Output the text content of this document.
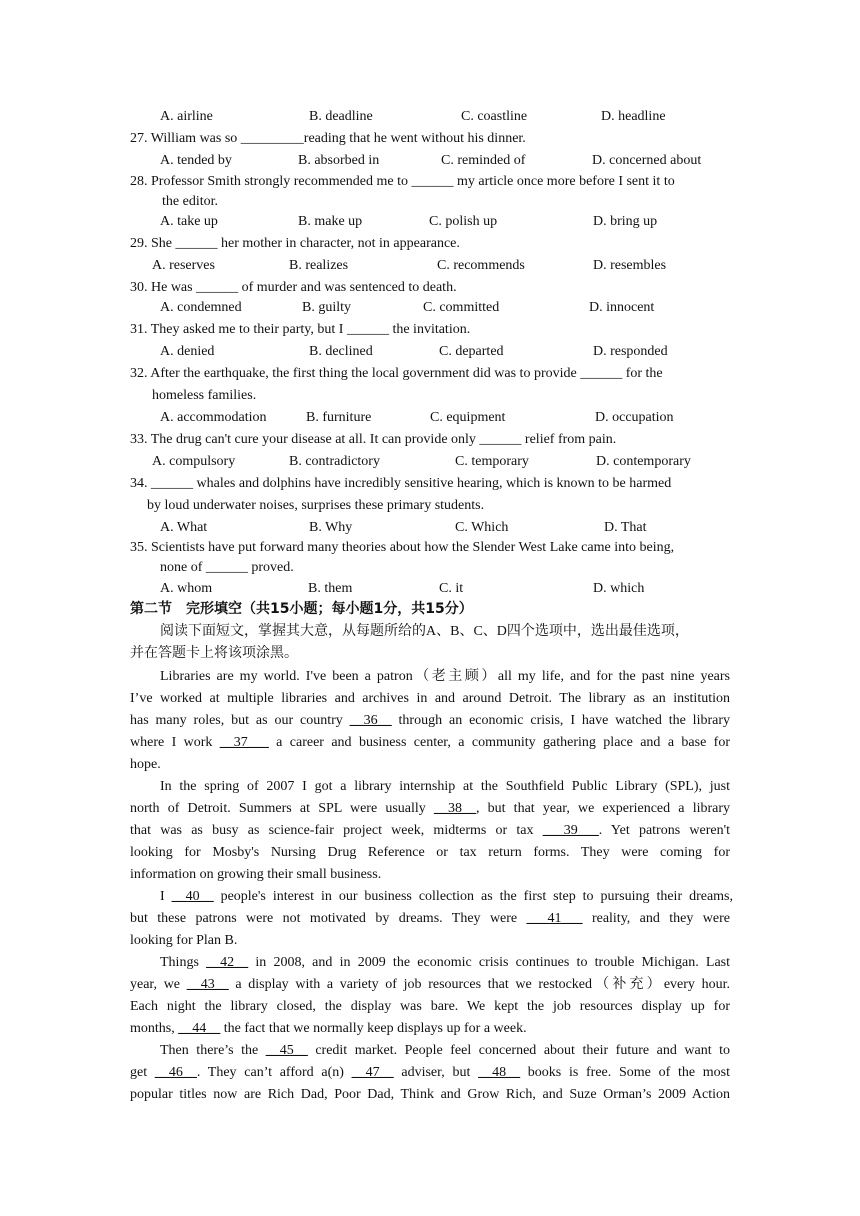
A. airline	B. deadline	C. coastline	D. headline
27. William was so _________reading that he went without his dinner.
A. tended by	B. absorbed in	C. reminded of	D. concerned about
28. Professor Smith strongly recommended me to ______ my article once more before I sent it to
the editor.
A. take up	B. make up	C. polish up	D. bring up
29. She ______ her mother in character, not in appearance.
A. reserves	B. realizes	C. recommends	D. resembles
30. He was ______ of murder and was sentenced to death.
A. condemned	B. guilty	C. committed	D. innocent
31. They asked me to their party, but I ______ the invitation.
A. denied	B. declined	C. departed	D. responded
32. After the earthquake, the first thing the local government did was to provide ______ for the
homeless families.
A. accommodation	B. furniture	C. equipment	D. occupation
33. The drug can't cure your disease at all. It can provide only ______ relief from pain.
A. compulsory	B. contradictory	C. temporary	D. contemporary
34. ______ whales and dolphins have incredibly sensitive hearing, which is known to be harmed
by loud underwater noises, surprises these primary students.
A. What	B. Why	C. Which	D. That
35. Scientists have put forward many theories about how the Slender West Lake came into being,
none of ______ proved.
A. whom	B. them	C. it	D. which
第二节　完形填空（共15小题；每小题1分，共15分）
阅读下面短文，掌握其大意，从每题所给的A、B、C、D四个选项中，选出最佳选项，
并在答题卡上将该项涂黑。
Libraries are my world. I've been a patron（老主顾）all my life, and for the past nine years
I’ve worked at multiple libraries and archives in and around Detroit. The library as an institution
has many roles, but as our country __36__ through an economic crisis, I have watched the library
where I work __37___ a career and business center, a community gathering place and a base for
hope.
In the spring of 2007 I got a library internship at the Southfield Public Library (SPL), just
north of Detroit. Summers at SPL were usually __38__, but that year, we experienced a library
that was as busy as science-fair project week, midterms or tax ___39___. Yet patrons weren't
looking for Mosby's Nursing Drug Reference or tax return forms. They were coming for
information on growing their small business.
I __40__ people's interest in our business collection as the first step to pursuing their dreams,
but these patrons were not motivated by dreams. They were ___41___ reality, and they were
looking for Plan B.
Things __42__ in 2008, and in 2009 the economic crisis continues to trouble Michigan. Last
year, we __43__ a display with a variety of job resources that we restocked（补充）every hour.
Each night the library closed, the display was bare. We kept the job resources display up for
months, __44__ the fact that we normally keep displays up for a week.
Then there’s the __45__ credit market. People feel concerned about their future and want to
get __46__. They can’t afford a(n) __47__ adviser, but __48__ books is free. Some of the most
popular titles now are Rich Dad, Poor Dad, Think and Grow Rich, and Suze Orman’s 2009 Action
